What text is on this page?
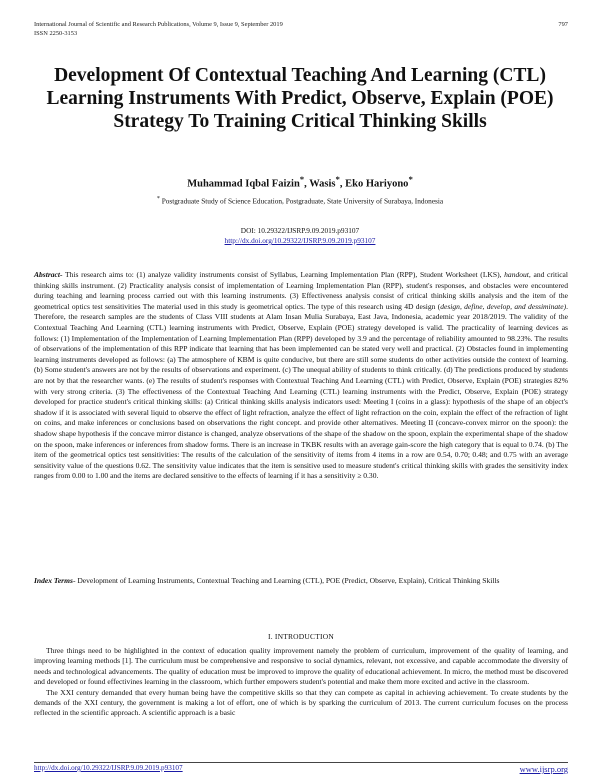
International Journal of Scientific and Research Publications, Volume 9, Issue 9, September 2019
ISSN 2250-3153
797
Development Of Contextual Teaching And Learning (CTL) Learning Instruments With Predict, Observe, Explain (POE) Strategy To Training Critical Thinking Skills
Muhammad Iqbal Faizin*, Wasis*, Eko Hariyono*
* Postgraduate Study of Science Education, Postgraduate, State University of Surabaya, Indonesia
DOI: 10.29322/IJSRP.9.09.2019.p93107
http://dx.doi.org/10.29322/IJSRP.9.09.2019.p93107
Abstract- This research aims to: (1) analyze validity instruments consist of Syllabus, Learning Implementation Plan (RPP), Student Worksheet (LKS), handout, and critical thinking skills instrument. (2) Practicality analysis consist of implementation of Learning Implementation Plan (RPP), student's responses, and obstacles were encountered during teaching and learning process carried out with this learning instruments. (3) Effectiveness analysis consist of critical thinking skills analysis and the item of the geometrical optics test sensitivities The material used in this study is geometrical optics. The type of this research using 4D design (design, define, develop, and dessiminate). Therefore, the research samples are the students of Class VIII students at Alam Insan Mulia Surabaya, East Java, Indonesia, academic year 2018/2019. The validity of the Contextual Teaching And Learning (CTL) learning instruments with Predict, Observe, Explain (POE) strategy developed is valid. The practicality of learning devices as follows: (1) Implementation of the Implementation of Learning Implementation Plan (RPP) developed by 3.9 and the percentage of reliability amounted to 98.23%. The results of observations of the implementation of this RPP indicate that learning that has been implemented can be stated very well and practical. (2) Obstacles found in implementing learning instruments developed as follows: (a) The atmosphere of KBM is quite conducive, but there are still some students do other activities outside the context of learning. (b) Some student's answers are not by the results of observations and experiment. (c) The unequal ability of students to think critically. (d) The predictions produced by students are not by that the researcher wants. (e) The results of student's responses with Contextual Teaching And Learning (CTL) with Predict, Observe, Explain (POE) strategies 82% with very strong criteria. (3) The effectiveness of the Contextual Teaching And Learning (CTL) learning instruments with the Predict, Observe, Explain (POE) strategy developed for practice student's critical thinking skills: (a) Critical thinking skills analysis indicators used: Meeting I (coins in a glass): hypothesis of the shape of an object's shadow if it is associated with several liquid to observe the effect of light refraction, analyze the effect of light refraction on the coin, explain the effect of the refraction of light on coins, and make inferences or conclusions based on observations the right concept. and provide other alternatives. Meeting II (concave-convex mirror on the spoon): the shadow shape hypothesis if the concave mirror distance is changed, analyze observations of the shape of the shadow on the spoon, explain the experimental shape of the shadow on the spoon, make inferences or inferences from shadow forms. There is an increase in TKBK results with an average gain-score the high category that is equal to 0.74. (b) The item of the geometrical optics test sensitivities: The results of the calculation of the sensitivity of items from 4 items in a row are 0.54, 0.70; 0.48; and 0.75 with an average sensitivity value of the questions 0.62. The sensitivity value indicates that the item is sensitive used to measure student's critical thinking skills with grades the sensitivity index ranges from 0.00 to 1.00 and the items are declared sensitive to the effects of learning if it has a sensitivity ≥ 0.30.
Index Terms- Development of Learning Instruments, Contextual Teaching and Learning (CTL), POE (Predict, Observe, Explain), Critical Thinking Skills
I. INTRODUCTION

Three things need to be highlighted in the context of education quality improvement namely the problem of curriculum, improvement of the quality of learning, and improving learning methods [1]. The curriculum must be comprehensive and responsive to social dynamics, relevant, not excessive, and capable accommodate the diversity of needs and technological advancements. The quality of education must be improved to improve the quality of educational achievement. In micro, the method must be discovered and developed or found effectivines learning in the classroom, which further empowers student's potential and make them more excited and active in the classroom.

The XXI century demanded that every human being have the competitive skills so that they can compete as capital in achieving achievement. To create students by the demands of the XXI century, the government is making a lot of effort, one of which is by sparking the curriculum of 2013. The current curriculum focuses on the process reflected in the scientific approach. A scientific approach is a basic

http://dx.doi.org/10.29322/IJSRP.9.09.2019.p93107	www.ijsrp.org
